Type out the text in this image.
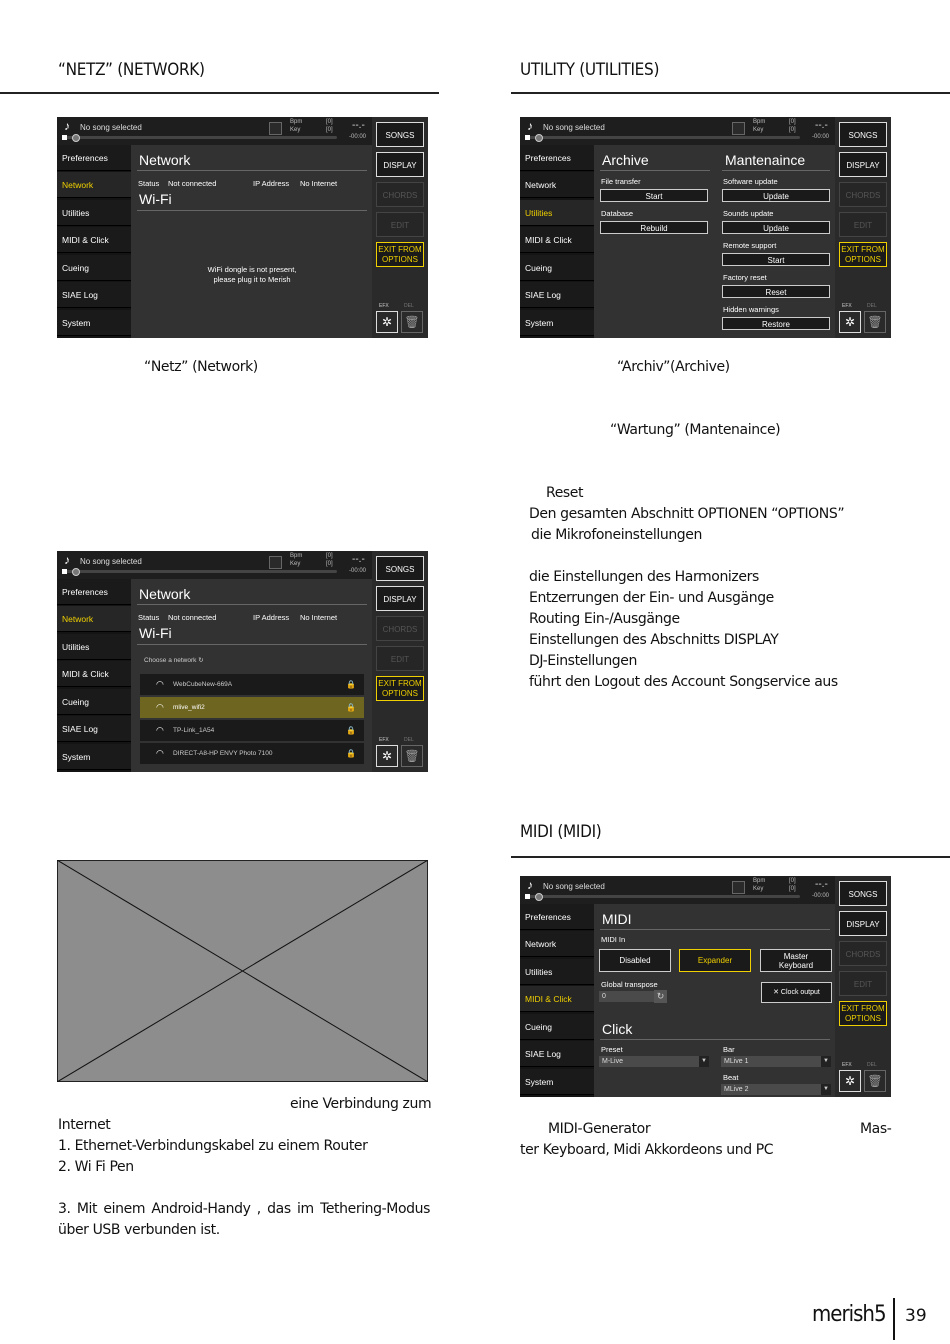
“NETZ” (NETWORK)	UTILITY (UTILITIES)
MIDI (MIDI)
♪ No song selected
Bpm
Key
[0]
[0] --.-
-00:00
Preferences
Network
Utilities
MIDI & Click
Cueing
SIAE Log
System
Network
Status Not connected	IP Address No Internet
Wi-Fi
WiFi dongle is not present,
please plug it to Merish
SONGS
DISPLAY
CHORDS
EDIT
EXIT FROM
OPTIONS
EFX	DEL
✲	🗑
♪ No song selected
Bpm
Key
[0]
[0] --.-
-00:00
Preferences
Network
Utilities
MIDI & Click
Cueing
SIAE Log
System
Archive	Mantenaince
File transfer
Start
Database
Rebuild
Software update
Update
Sounds update
Update
Remote support
Start
Factory reset
Reset
Hidden warnings
Restore
SONGS
DISPLAY
CHORDS
EDIT
EXIT FROM
OPTIONS
EFX	DEL
✲	🗑
“Netz” (Network)	“Archiv”(Archive)
“Wartung” (Mantenaince)
Reset
Den gesamten Abschnitt OPTIONEN “OPTIONS”
die Mikrofoneinstellungen
die Einstellungen des Harmonizers
Entzerrungen der Ein- und Ausgänge
Routing Ein-/Ausgänge
Einstellungen des Abschnitts DISPLAY
DJ-Einstellungen
führt den Logout des Account Songservice aus
♪ No song selected
Bpm
Key
[0]
[0] --.-
-00:00
Preferences
Network
Utilities
MIDI & Click
Cueing
SIAE Log
System
Network
Status Not connected	IP Address No Internet
Wi-Fi
Choose a network ↻
◠ WebCubeNew-669A	🔒
◠ mlive_wifi2	🔒
◠ TP-Link_1A54	🔒
◠ DIRECT-A8-HP ENVY Photo 7100	🔒
SONGS
DISPLAY
CHORDS
EDIT
EXIT FROM
OPTIONS
EFX	DEL
✲	🗑
eine Verbindung zum
Internet
1. Ethernet-Verbindungskabel zu einem Router
2. Wi Fi Pen
3. Mit einem Android-Handy , das im Tethering-Modus
über USB verbunden ist.
♪ No song selected
Bpm
Key
[0]
[0] --.-
-00:00
Preferences
Network
Utilities
MIDI & Click
Cueing
SIAE Log
System
MIDI
MIDI In
Disabled	Expander	Master
Keyboard
Global transpose
0	↻	✕ Clock output
Click
Preset
M-Live	▼
Bar
MLive 1	▼
Beat
MLive 2	▼
SONGS
DISPLAY
CHORDS
EDIT
EXIT FROM
OPTIONS
EFX	DEL
✲	🗑
MIDI-Generator	Mas-
ter Keyboard, Midi Akkordeons und PC
merish5 39
